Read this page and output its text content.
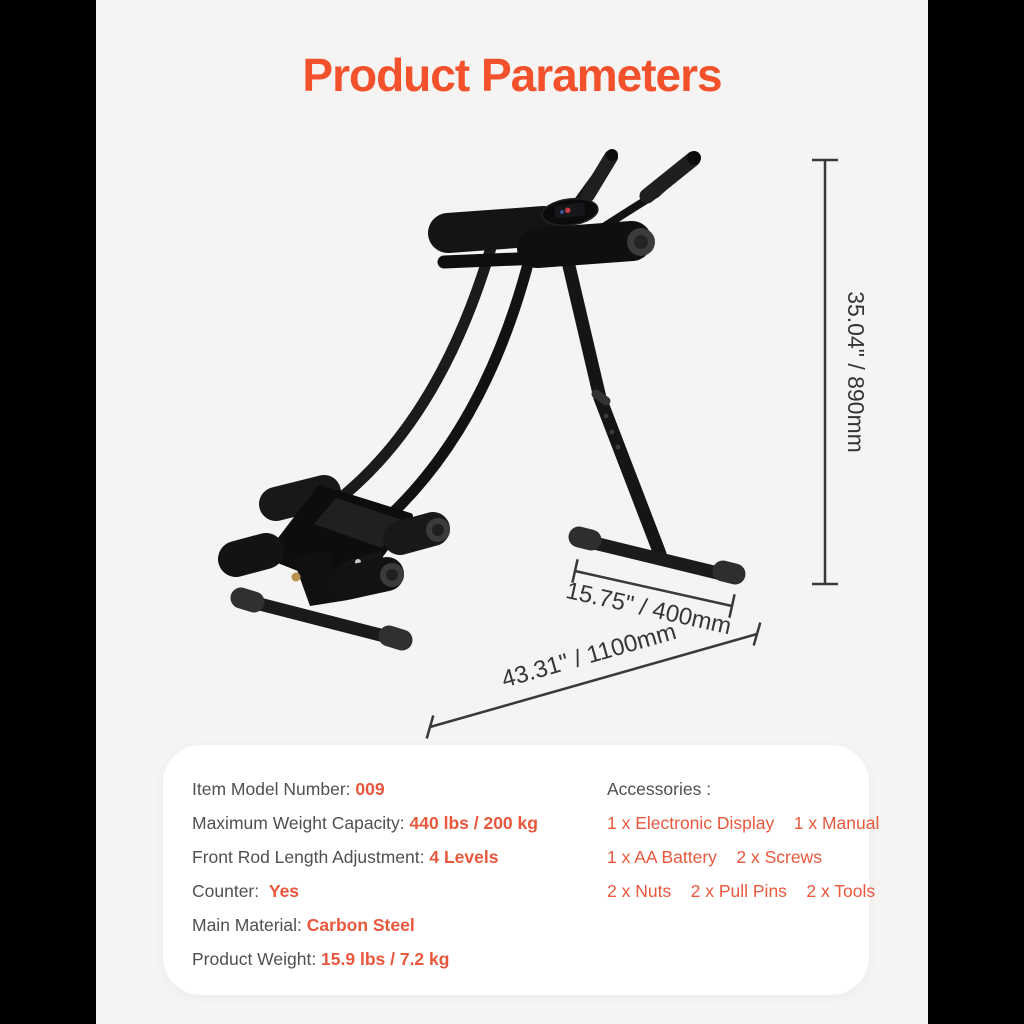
Product Parameters
35.04" / 890mm
15.75" / 400mm
43.31" / 1100mm
Item Model Number: 009
Maximum Weight Capacity: 440 lbs / 200 kg
Front Rod Length Adjustment: 4 Levels
Counter:  Yes
Main Material: Carbon Steel
Product Weight: 15.9 lbs / 7.2 kg
Accessories :
1 x Electronic Display    1 x Manual
1 x AA Battery    2 x Screws
2 x Nuts    2 x Pull Pins    2 x Tools
